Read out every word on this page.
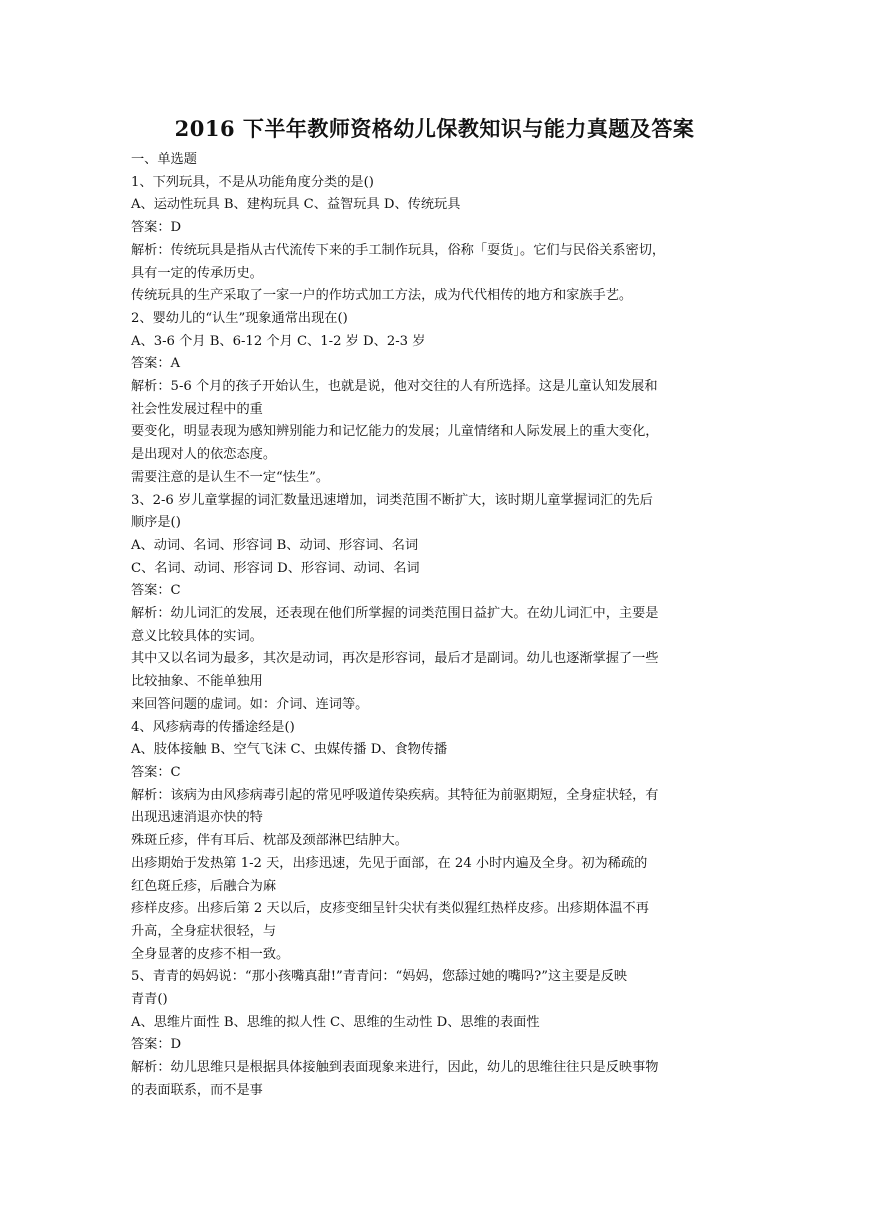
2016 下半年教师资格幼儿保教知识与能力真题及答案

一、单选题

1、下列玩具，不是从功能角度分类的是()

A、运动性玩具 B、建构玩具 C、益智玩具 D、传统玩具

答案：D

解析：传统玩具是指从古代流传下来的手工制作玩具，俗称「耍货」。它们与民俗关系密切，

具有一定的传承历史。

传统玩具的生产采取了一家一户的作坊式加工方法，成为代代相传的地方和家族手艺。

2、婴幼儿的“认生”现象通常出现在()

A、3-6 个月 B、6-12 个月 C、1-2 岁 D、2-3 岁

答案：A

解析：5-6 个月的孩子开始认生，也就是说，他对交往的人有所选择。这是儿童认知发展和

社会性发展过程中的重

要变化，明显表现为感知辨别能力和记忆能力的发展；儿童情绪和人际发展上的重大变化，

是出现对人的依恋态度。

需要注意的是认生不一定“怯生”。

3、2-6 岁儿童掌握的词汇数量迅速增加，词类范围不断扩大，该时期儿童掌握词汇的先后

顺序是()

A、动词、名词、形容词 B、动词、形容词、名词

C、名词、动词、形容词 D、形容词、动词、名词

答案：C

解析：幼儿词汇的发展，还表现在他们所掌握的词类范围日益扩大。在幼儿词汇中，主要是

意义比较具体的实词。

其中又以名词为最多，其次是动词，再次是形容词，最后才是副词。幼儿也逐渐掌握了一些

比较抽象、不能单独用

来回答问题的虚词。如：介词、连词等。

4、风疹病毒的传播途经是()

A、肢体接触 B、空气飞沫 C、虫媒传播 D、食物传播

答案：C

解析：该病为由风疹病毒引起的常见呼吸道传染疾病。其特征为前驱期短，全身症状轻，有

出现迅速消退亦快的特

殊斑丘疹，伴有耳后、枕部及颈部淋巴结肿大。

出疹期始于发热第 1-2 天，出疹迅速，先见于面部，在 24 小时内遍及全身。初为稀疏的

红色斑丘疹，后融合为麻

疹样皮疹。出疹后第 2 天以后，皮疹变细呈针尖状有类似猩红热样皮疹。出疹期体温不再

升高，全身症状很轻，与

全身显著的皮疹不相一致。

5、青青的妈妈说：“那小孩嘴真甜!”青青问：“妈妈，您舔过她的嘴吗?”这主要是反映

青青()

A、思维片面性 B、思维的拟人性 C、思维的生动性 D、思维的表面性

答案：D

解析：幼儿思维只是根据具体接触到表面现象来进行，因此，幼儿的思维往往只是反映事物

的表面联系，而不是事
